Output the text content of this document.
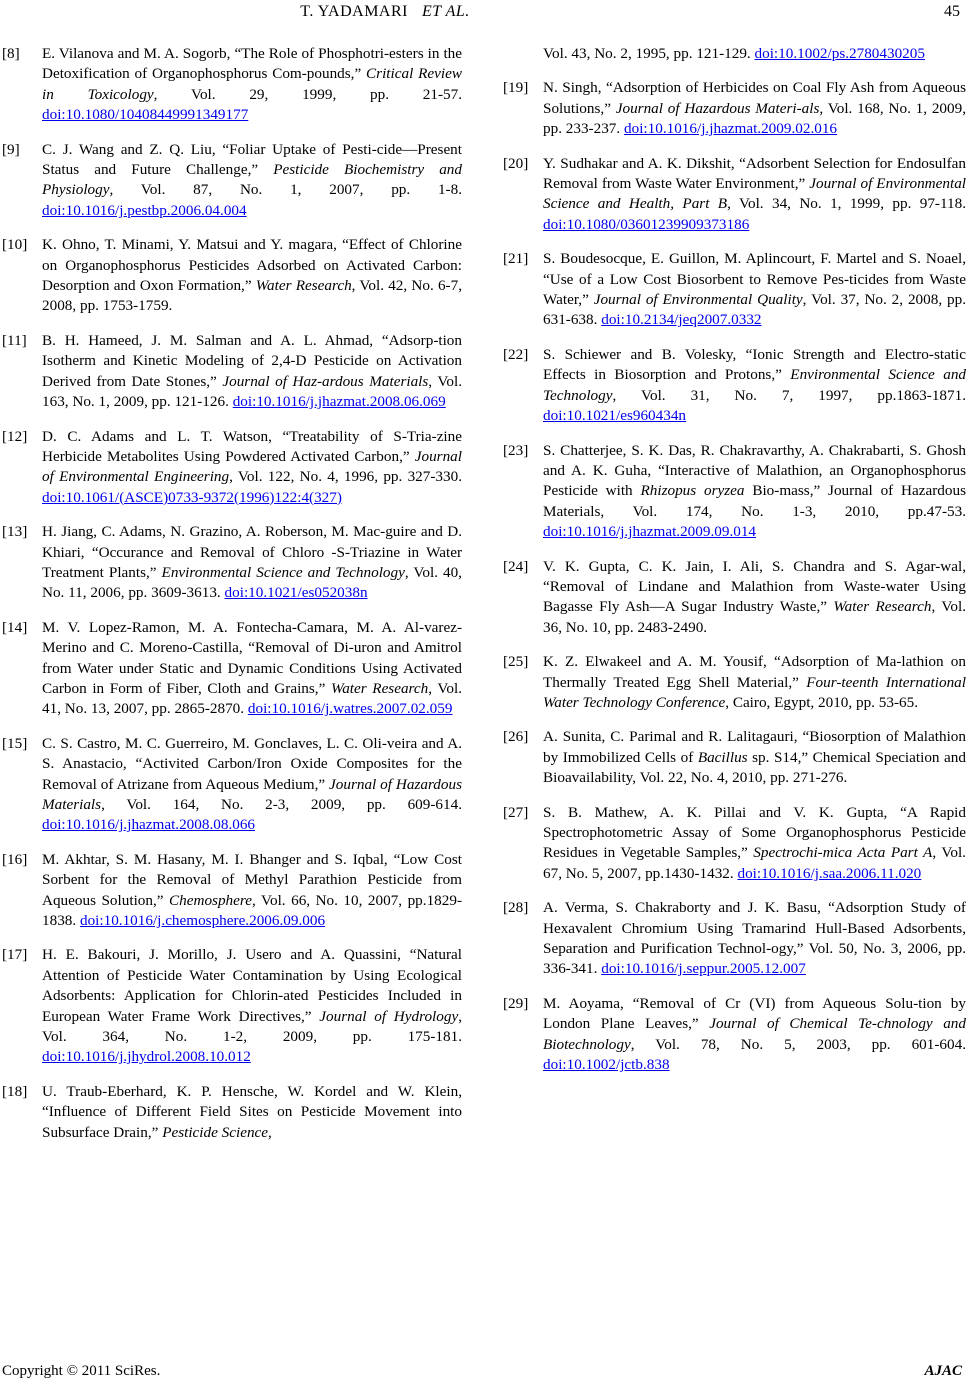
T. YADAMARI ET AL.	45
[8]	E. Vilanova and M. A. Sogorb, “The Role of Phosphotri-esters in the Detoxification of Organophosphorus Com-pounds,” Critical Review in Toxicology, Vol. 29, 1999, pp. 21-57. doi:10.1080/10408449991349177
[9]	C. J. Wang and Z. Q. Liu, “Foliar Uptake of Pesti-cide—Present Status and Future Challenge,” Pesticide Biochemistry and Physiology, Vol. 87, No. 1, 2007, pp. 1-8. doi:10.1016/j.pestbp.2006.04.004
[10] K. Ohno, T. Minami, Y. Matsui and Y. magara, “Effect of Chlorine on Organophosphorus Pesticides Adsorbed on Activated Carbon: Desorption and Oxon Formation,” Water Research, Vol. 42, No. 6-7, 2008, pp. 1753-1759.
[11]	B. H. Hameed, J. M. Salman and A. L. Ahmad, “Adsorp-tion Isotherm and Kinetic Modeling of 2,4-D Pesticide on Activation Derived from Date Stones,” Journal of Haz-ardous Materials, Vol. 163, No. 1, 2009, pp. 121-126. doi:10.1016/j.jhazmat.2008.06.069
[12] D. C. Adams and L. T. Watson, “Treatability of S-Tria-zine Herbicide Metabolites Using Powdered Activated Carbon,” Journal of Environmental Engineering, Vol. 122, No. 4, 1996, pp. 327-330. doi:10.1061/(ASCE)0733-9372(1996)122:4(327)
[13] H. Jiang, C. Adams, N. Grazino, A. Roberson, M. Mac-guire and D. Khiari, “Occurance and Removal of Chloro -S-Triazine in Water Treatment Plants,” Environmental Science and Technology, Vol. 40, No. 11, 2006, pp. 3609-3613. doi:10.1021/es052038n
[14] M. V. Lopez-Ramon, M. A. Fontecha-Camara, M. A. Al-varez-Merino and C. Moreno-Castilla, “Removal of Di-uron and Amitrol from Water under Static and Dynamic Conditions Using Activated Carbon in Form of Fiber, Cloth and Grains,” Water Research, Vol. 41, No. 13, 2007, pp. 2865-2870. doi:10.1016/j.watres.2007.02.059
[15] C. S. Castro, M. C. Guerreiro, M. Gonclaves, L. C. Oli-veira and A. S. Anastacio, “Activited Carbon/Iron Oxide Composites for the Removal of Atrizane from Aqueous Medium,” Journal of Hazardous Materials, Vol. 164, No. 2-3, 2009, pp. 609-614. doi:10.1016/j.jhazmat.2008.08.066
[16] M. Akhtar, S. M. Hasany, M. I. Bhanger and S. Iqbal, “Low Cost Sorbent for the Removal of Methyl Parathion Pesticide from Aqueous Solution,” Chemosphere, Vol. 66, No. 10, 2007, pp.1829-1838. doi:10.1016/j.chemosphere.2006.09.006
[17] H. E. Bakouri, J. Morillo, J. Usero and A. Quassini, “Natural Attention of Pesticide Water Contamination by Using Ecological Adsorbents: Application for Chlorin-ated Pesticides Included in European Water Frame Work Directives,” Journal of Hydrology, Vol. 364, No. 1-2, 2009, pp. 175-181. doi:10.1016/j.jhydrol.2008.10.012
[18] U. Traub-Eberhard, K. P. Hensche, W. Kordel and W. Klein, “Influence of Different Field Sites on Pesticide Movement into Subsurface Drain,” Pesticide Science,
Vol. 43, No. 2, 1995, pp. 121-129. doi:10.1002/ps.2780430205
[19] N. Singh, “Adsorption of Herbicides on Coal Fly Ash from Aqueous Solutions,” Journal of Hazardous Materi-als, Vol. 168, No. 1, 2009, pp. 233-237. doi:10.1016/j.jhazmat.2009.02.016
[20] Y. Sudhakar and A. K. Dikshit, “Adsorbent Selection for Endosulfan Removal from Waste Water Environment,” Journal of Environmental Science and Health, Part B, Vol. 34, No. 1, 1999, pp. 97-118. doi:10.1080/03601239909373186
[21] S. Boudesocque, E. Guillon, M. Aplincourt, F. Martel and S. Noael, “Use of a Low Cost Biosorbent to Remove Pes-ticides from Waste Water,” Journal of Environmental Quality, Vol. 37, No. 2, 2008, pp. 631-638. doi:10.2134/jeq2007.0332
[22] S. Schiewer and B. Volesky, “Ionic Strength and Electro-static Effects in Biosorption and Protons,” Environmental Science and Technology, Vol. 31, No. 7, 1997, pp.1863-1871. doi:10.1021/es960434n
[23] S. Chatterjee, S. K. Das, R. Chakravarthy, A. Chakrabarti, S. Ghosh and A. K. Guha, “Interactive of Malathion, an Organophosphorus Pesticide with Rhizopus oryzea Bio-mass,” Journal of Hazardous Materials, Vol. 174, No. 1-3, 2010, pp.47-53. doi:10.1016/j.jhazmat.2009.09.014
[24] V. K. Gupta, C. K. Jain, I. Ali, S. Chandra and S. Agar-wal, “Removal of Lindane and Malathion from Waste-water Using Bagasse Fly Ash—A Sugar Industry Waste,” Water Research, Vol. 36, No. 10, pp. 2483-2490.
[25] K. Z. Elwakeel and A. M. Yousif, “Adsorption of Ma-lathion on Thermally Treated Egg Shell Material,” Four-teenth International Water Technology Conference, Cairo, Egypt, 2010, pp. 53-65.
[26] A. Sunita, C. Parimal and R. Lalitagauri, “Biosorption of Malathion by Immobilized Cells of Bacillus sp. S14,” Chemical Speciation and Bioavailability, Vol. 22, No. 4, 2010, pp. 271-276.
[27] S. B. Mathew, A. K. Pillai and V. K. Gupta, “A Rapid Spectrophotometric Assay of Some Organophosphorus Pesticide Residues in Vegetable Samples,” Spectrochi-mica Acta Part A, Vol. 67, No. 5, 2007, pp.1430-1432. doi:10.1016/j.saa.2006.11.020
[28] A. Verma, S. Chakraborty and J. K. Basu, “Adsorption Study of Hexavalent Chromium Using Tramarind Hull-Based Adsorbents, Separation and Purification Technol-ogy,” Vol. 50, No. 3, 2006, pp. 336-341. doi:10.1016/j.seppur.2005.12.007
[29] M. Aoyama, “Removal of Cr (VI) from Aqueous Solu-tion by London Plane Leaves,” Journal of Chemical Te-chnology and Biotechnology, Vol. 78, No. 5, 2003, pp. 601-604. doi:10.1002/jctb.838
Copyright © 2011 SciRes.	AJAC
